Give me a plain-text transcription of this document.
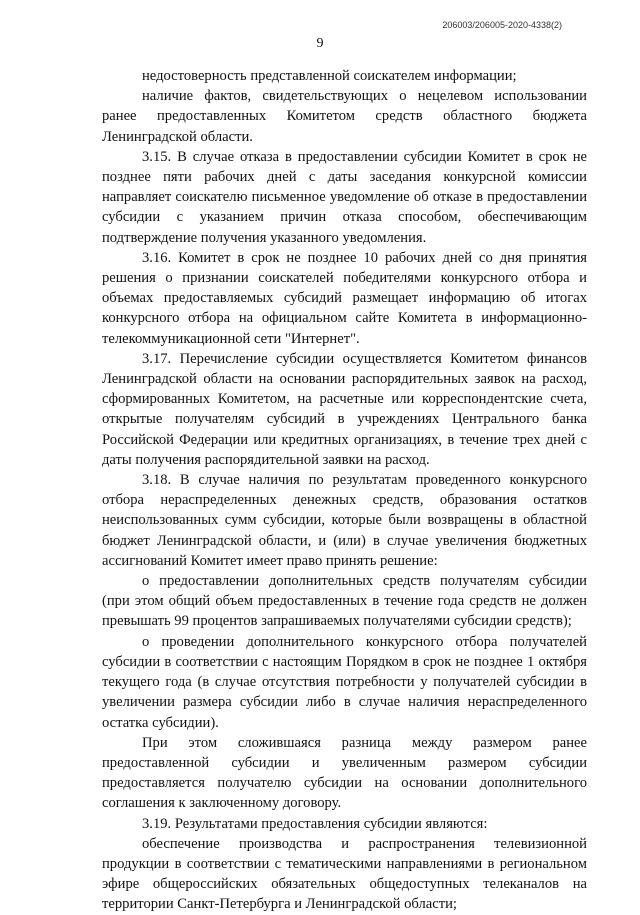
206003/206005-2020-4338(2)
9

недостоверность представленной соискателем информации;

наличие фактов, свидетельствующих о нецелевом использовании ранее предоставленных Комитетом средств областного бюджета Ленинградской области.

3.15. В случае отказа в предоставлении субсидии Комитет в срок не позднее пяти рабочих дней с даты заседания конкурсной комиссии направляет соискателю письменное уведомление об отказе в предоставлении субсидии с указанием причин отказа способом, обеспечивающим подтверждение получения указанного уведомления.

3.16. Комитет в срок не позднее 10 рабочих дней со дня принятия решения о признании соискателей победителями конкурсного отбора и объемах предоставляемых субсидий размещает информацию об итогах конкурсного отбора на официальном сайте Комитета в информационно-телекоммуникационной сети "Интернет".

3.17. Перечисление субсидии осуществляется Комитетом финансов Ленинградской области на основании распорядительных заявок на расход, сформированных Комитетом, на расчетные или корреспондентские счета, открытые получателям субсидий в учреждениях Центрального банка Российской Федерации или кредитных организациях, в течение трех дней с даты получения распорядительной заявки на расход.

3.18. В случае наличия по результатам проведенного конкурсного отбора нераспределенных денежных средств, образования остатков неиспользованных сумм субсидии, которые были возвращены в областной бюджет Ленинградской области, и (или) в случае увеличения бюджетных ассигнований Комитет имеет право принять решение:

о предоставлении дополнительных средств получателям субсидии (при этом общий объем предоставленных в течение года средств не должен превышать 99 процентов запрашиваемых получателями субсидии средств);

о проведении дополнительного конкурсного отбора получателей субсидии в соответствии с настоящим Порядком в срок не позднее 1 октября текущего года (в случае отсутствия потребности у получателей субсидии в увеличении размера субсидии либо в случае наличия нераспределенного остатка субсидии).

При этом сложившаяся разница между размером ранее предоставленной субсидии и увеличенным размером субсидии предоставляется получателю субсидии на основании дополнительного соглашения к заключенному договору.

3.19. Результатами предоставления субсидии являются:

обеспечение производства и распространения телевизионной продукции в соответствии с тематическими направлениями в региональном эфире общероссийских обязательных общедоступных телеканалов на территории Санкт-Петербурга и Ленинградской области;
